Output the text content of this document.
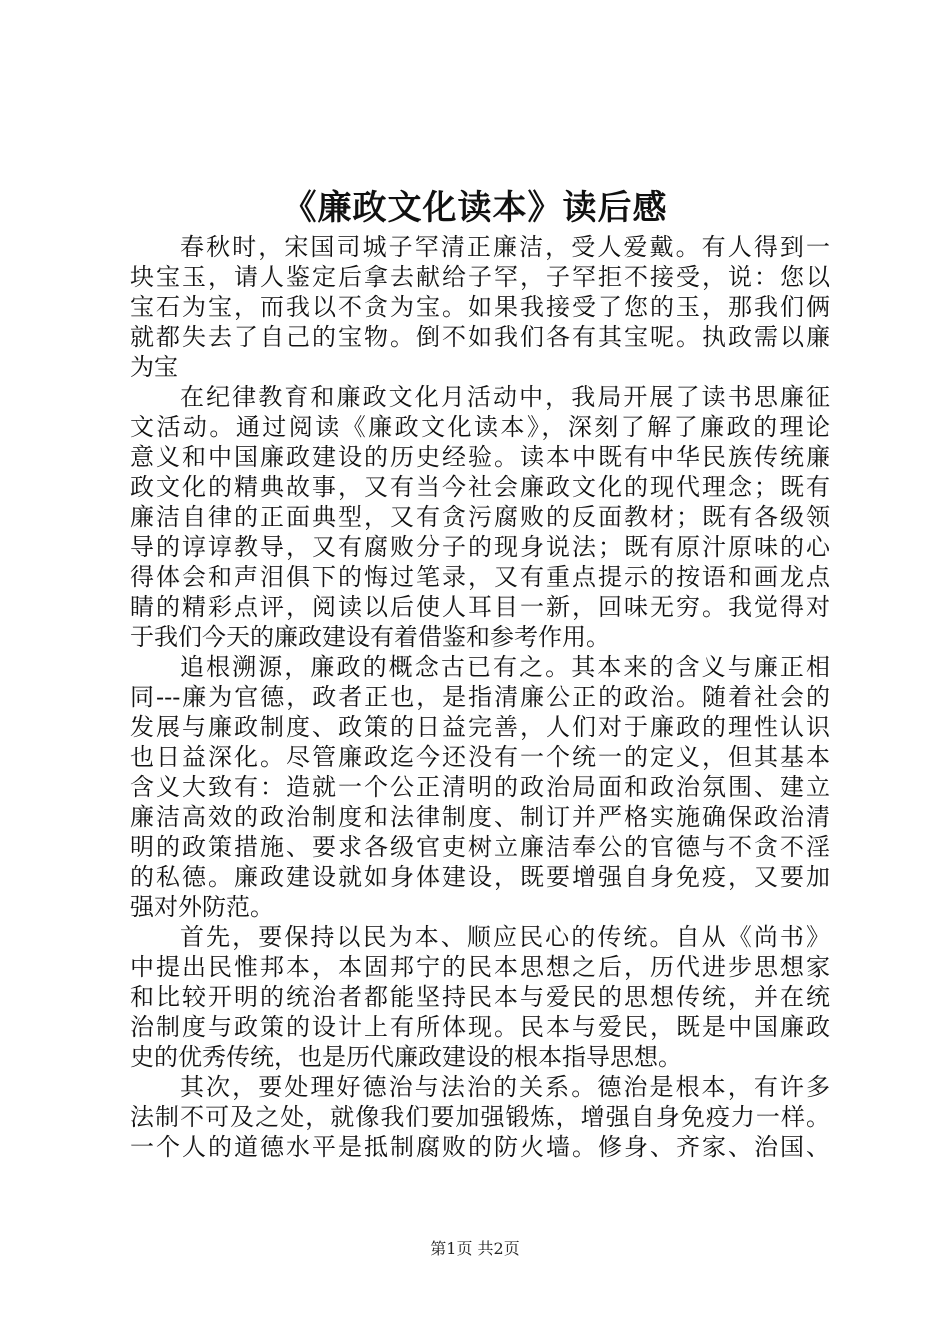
《廉政文化读本》读后感
春秋时，宋国司城子罕清正廉洁，受人爱戴。有人得到一
块宝玉，请人鉴定后拿去献给子罕，子罕拒不接受，说：您以
宝石为宝，而我以不贪为宝。如果我接受了您的玉，那我们俩
就都失去了自己的宝物。倒不如我们各有其宝呢。执政需以廉
为宝
在纪律教育和廉政文化月活动中，我局开展了读书思廉征
文活动。通过阅读《廉政文化读本》，深刻了解了廉政的理论
意义和中国廉政建设的历史经验。读本中既有中华民族传统廉
政文化的精典故事，又有当今社会廉政文化的现代理念；既有
廉洁自律的正面典型，又有贪污腐败的反面教材；既有各级领
导的谆谆教导，又有腐败分子的现身说法；既有原汁原味的心
得体会和声泪俱下的悔过笔录，又有重点提示的按语和画龙点
睛的精彩点评，阅读以后使人耳目一新，回味无穷。我觉得对
于我们今天的廉政建设有着借鉴和参考作用。
追根溯源，廉政的概念古已有之。其本来的含义与廉正相
同---廉为官德，政者正也，是指清廉公正的政治。随着社会的
发展与廉政制度、政策的日益完善，人们对于廉政的理性认识
也日益深化。尽管廉政迄今还没有一个统一的定义，但其基本
含义大致有：造就一个公正清明的政治局面和政治氛围、建立
廉洁高效的政治制度和法律制度、制订并严格实施确保政治清
明的政策措施、要求各级官吏树立廉洁奉公的官德与不贪不淫
的私德。廉政建设就如身体建设，既要增强自身免疫，又要加
强对外防范。
首先，要保持以民为本、顺应民心的传统。自从《尚书》
中提出民惟邦本，本固邦宁的民本思想之后，历代进步思想家
和比较开明的统治者都能坚持民本与爱民的思想传统，并在统
治制度与政策的设计上有所体现。民本与爱民，既是中国廉政
史的优秀传统，也是历代廉政建设的根本指导思想。
其次，要处理好德治与法治的关系。德治是根本，有许多
法制不可及之处，就像我们要加强锻炼，增强自身免疫力一样。
一个人的道德水平是抵制腐败的防火墙。修身、齐家、治国、
第1页 共2页
